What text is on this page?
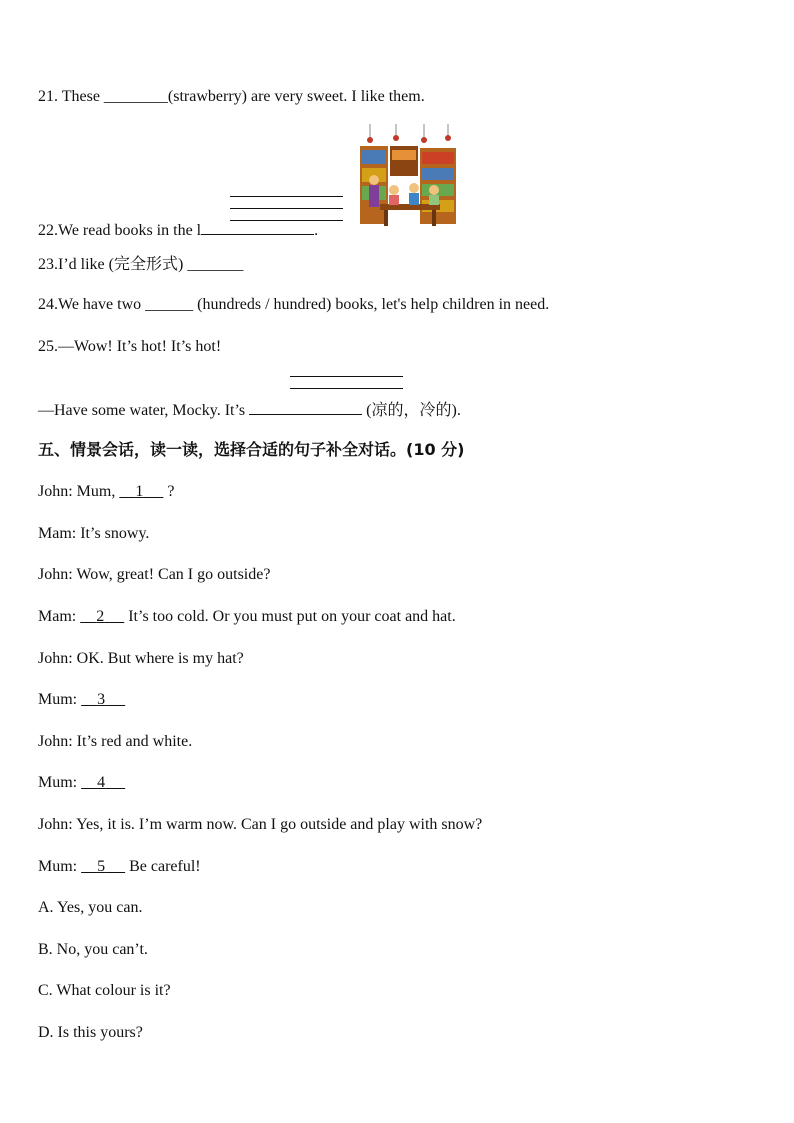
21. These ________(strawberry) are very sweet. I like them.
22.We read books in the l	.
23.I’d like (完全形式) _______
24.We have two ______ (hundreds / hundred) books, let's help children in need.
25.—Wow! It’s hot! It’s hot!
—Have some water, Mocky. It’s	(凉的，冷的).
五、情景会话，读一读，选择合适的句子补全对话。(10 分)
John: Mum,     1      ?
Mam: It’s snowy.
John: Wow, great! Can I go outside?
Mam:     2      It’s too cold. Or you must put on your coat and hat.
John: OK. But where is my hat?
Mum:     3
John: It’s red and white.
Mum:     4
John: Yes, it is. I’m warm now. Can I go outside and play with snow?
Mum:     5      Be careful!
A. Yes, you can.
B. No, you can’t.
C. What colour is it?
D. Is this yours?
